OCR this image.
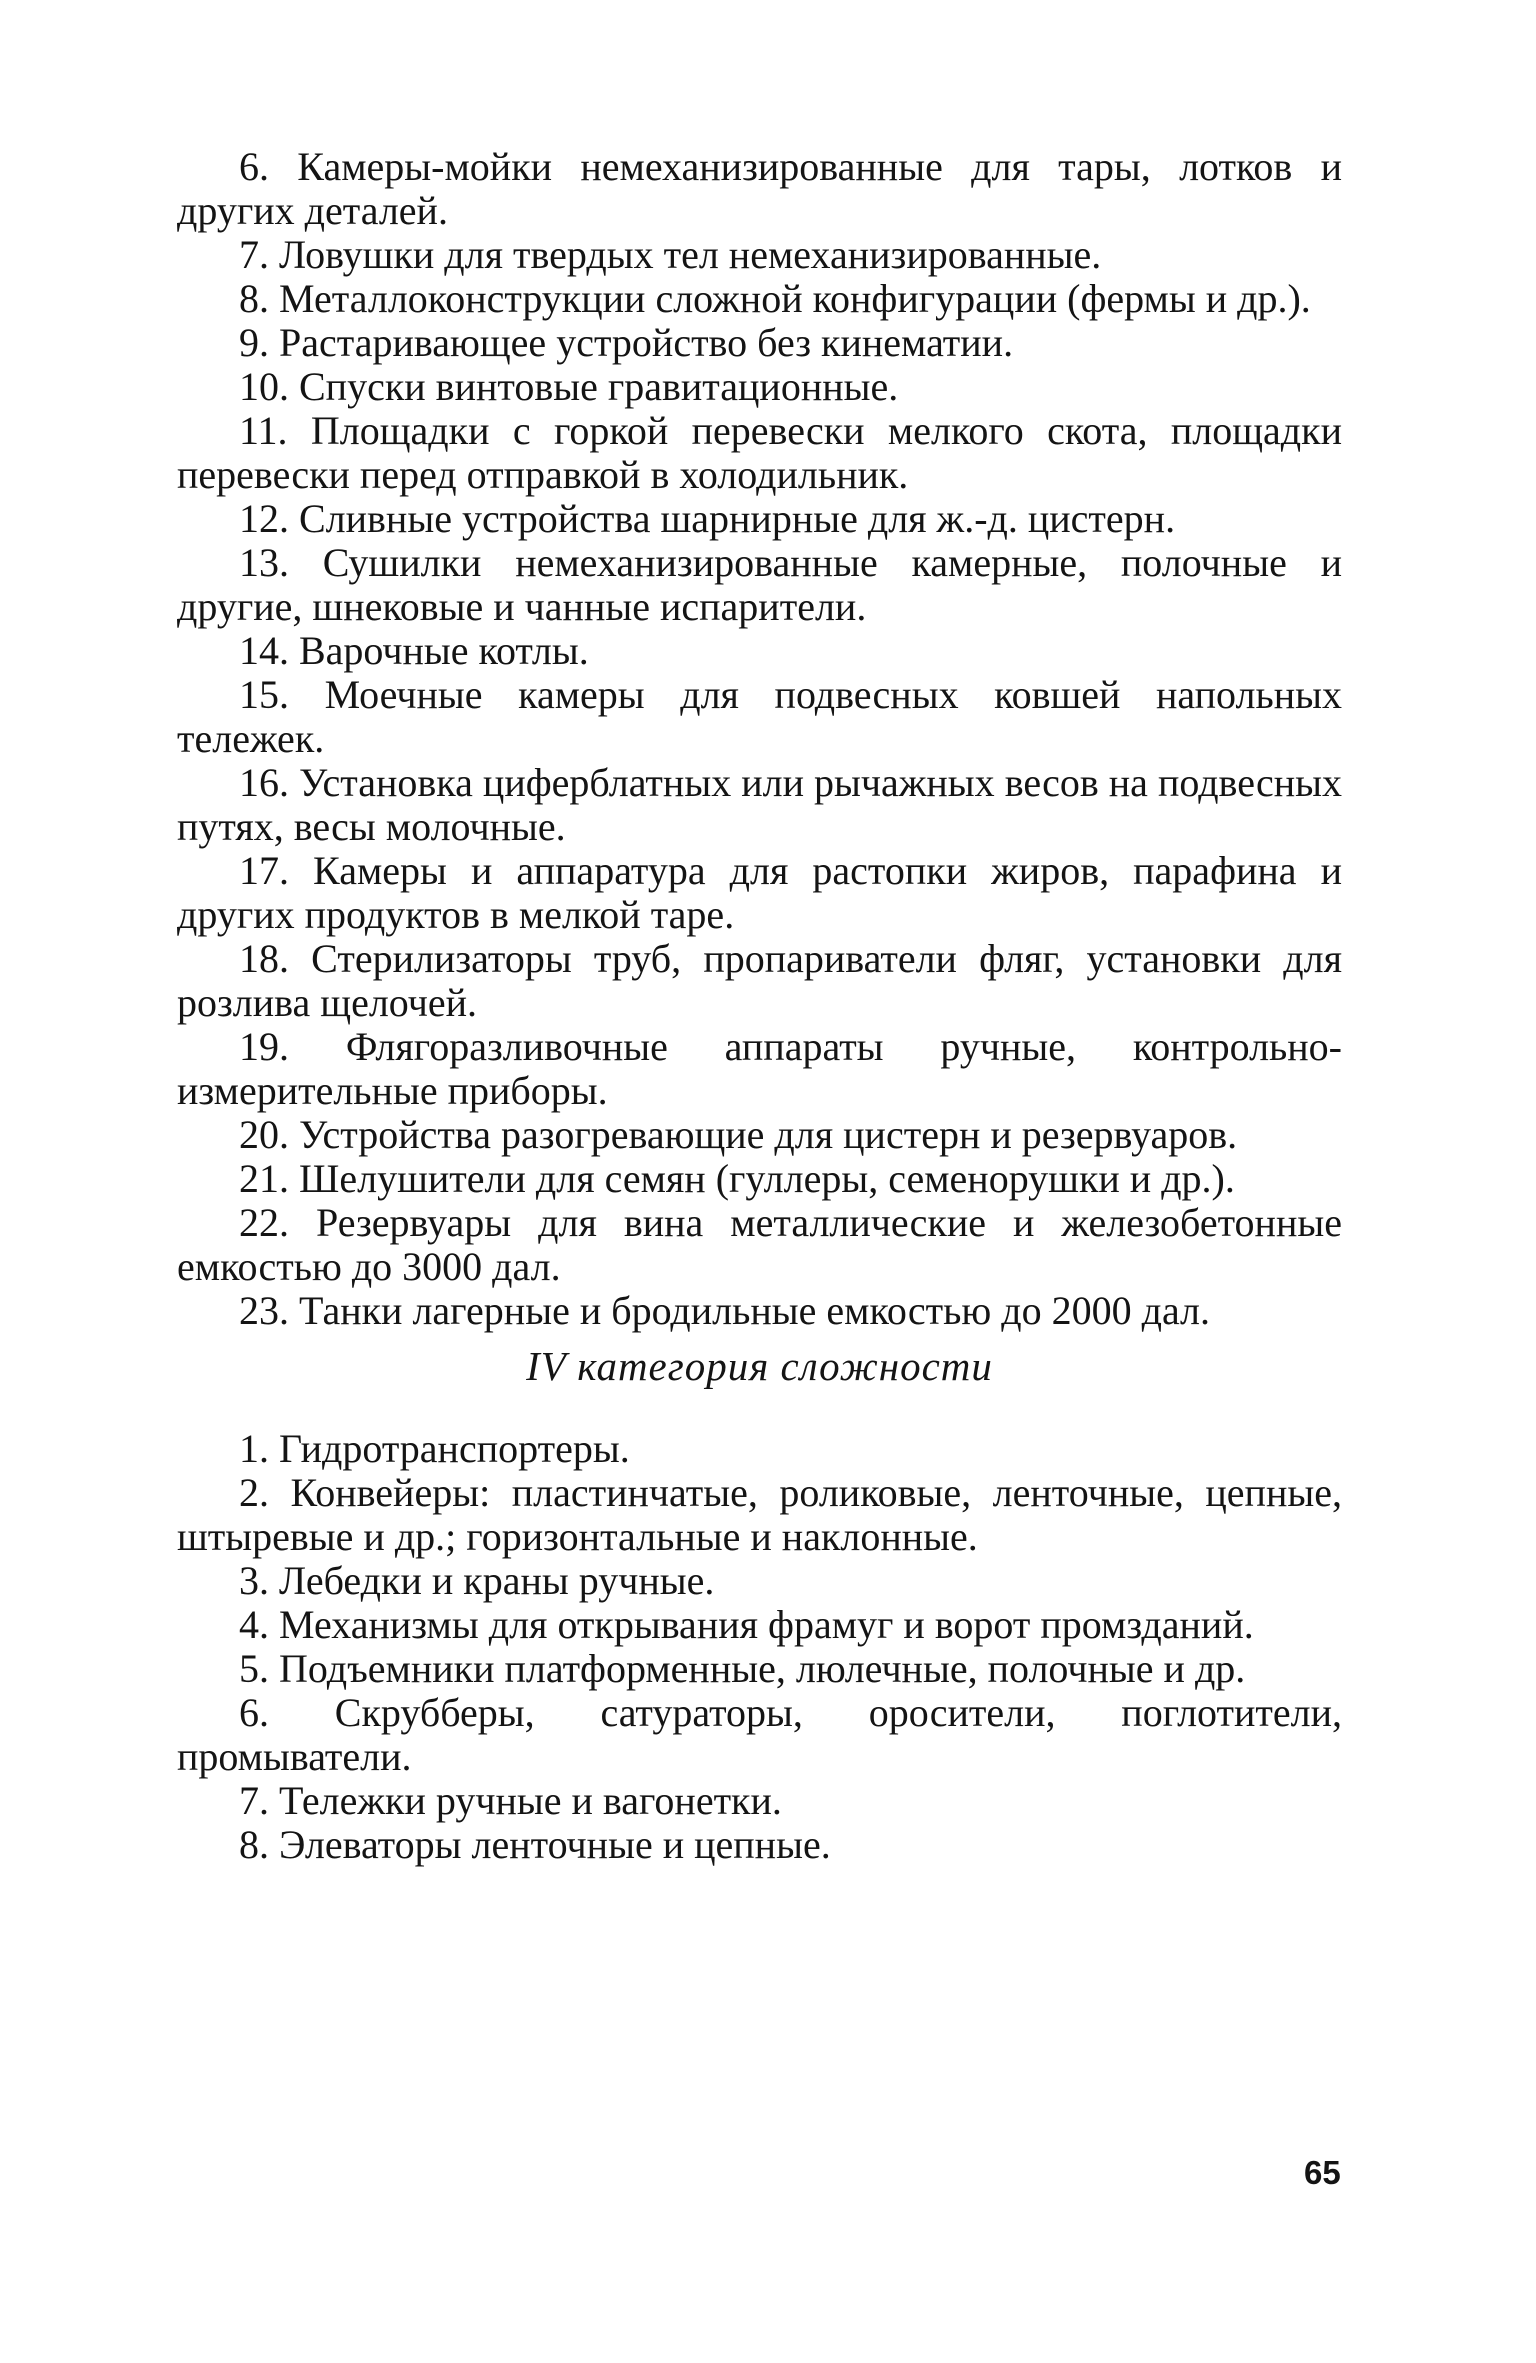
6. Камеры-мойки немеханизированные для тары, лотков и других деталей.

7. Ловушки для твердых тел немеханизированные.

8. Металлоконструкции сложной конфигурации (фермы и др.).

9. Растаривающее устройство без кинематии.

10. Спуски винтовые гравитационные.

11. Площадки с горкой перевески мелкого скота, площадки перевески перед отправкой в холодильник.

12. Сливные устройства шарнирные для ж.-д. цистерн.

13. Сушилки немеханизированные камерные, полочные и другие, шнековые и чанные испарители.

14. Варочные котлы.

15. Моечные камеры для подвесных ковшей напольных тележек.

16. Установка циферблатных или рычажных весов на подвесных путях, весы молочные.

17. Камеры и аппаратура для растопки жиров, парафина и других продуктов в мелкой таре.

18. Стерилизаторы труб, пропариватели фляг, установки для розлива щелочей.

19. Флягоразливочные аппараты ручные, контрольно-измерительные приборы.

20. Устройства разогревающие для цистерн и резервуаров.

21. Шелушители для семян (гуллеры, семенорушки и др.).

22. Резервуары для вина металлические и железобетонные емкостью до 3000 дал.

23. Танки лагерные и бродильные емкостью до 2000 дал.

IV категория сложности

1. Гидротранспортеры.

2. Конвейеры: пластинчатые, роликовые, ленточные, цепные, штыревые и др.; горизонтальные и наклонные.

3. Лебедки и краны ручные.

4. Механизмы для открывания фрамуг и ворот промзданий.

5. Подъемники платформенные, люлечные, полочные и др.

6. Скрубберы, сатураторы, оросители, поглотители, промыватели.

7. Тележки ручные и вагонетки.

8. Элеваторы ленточные и цепные.

65
